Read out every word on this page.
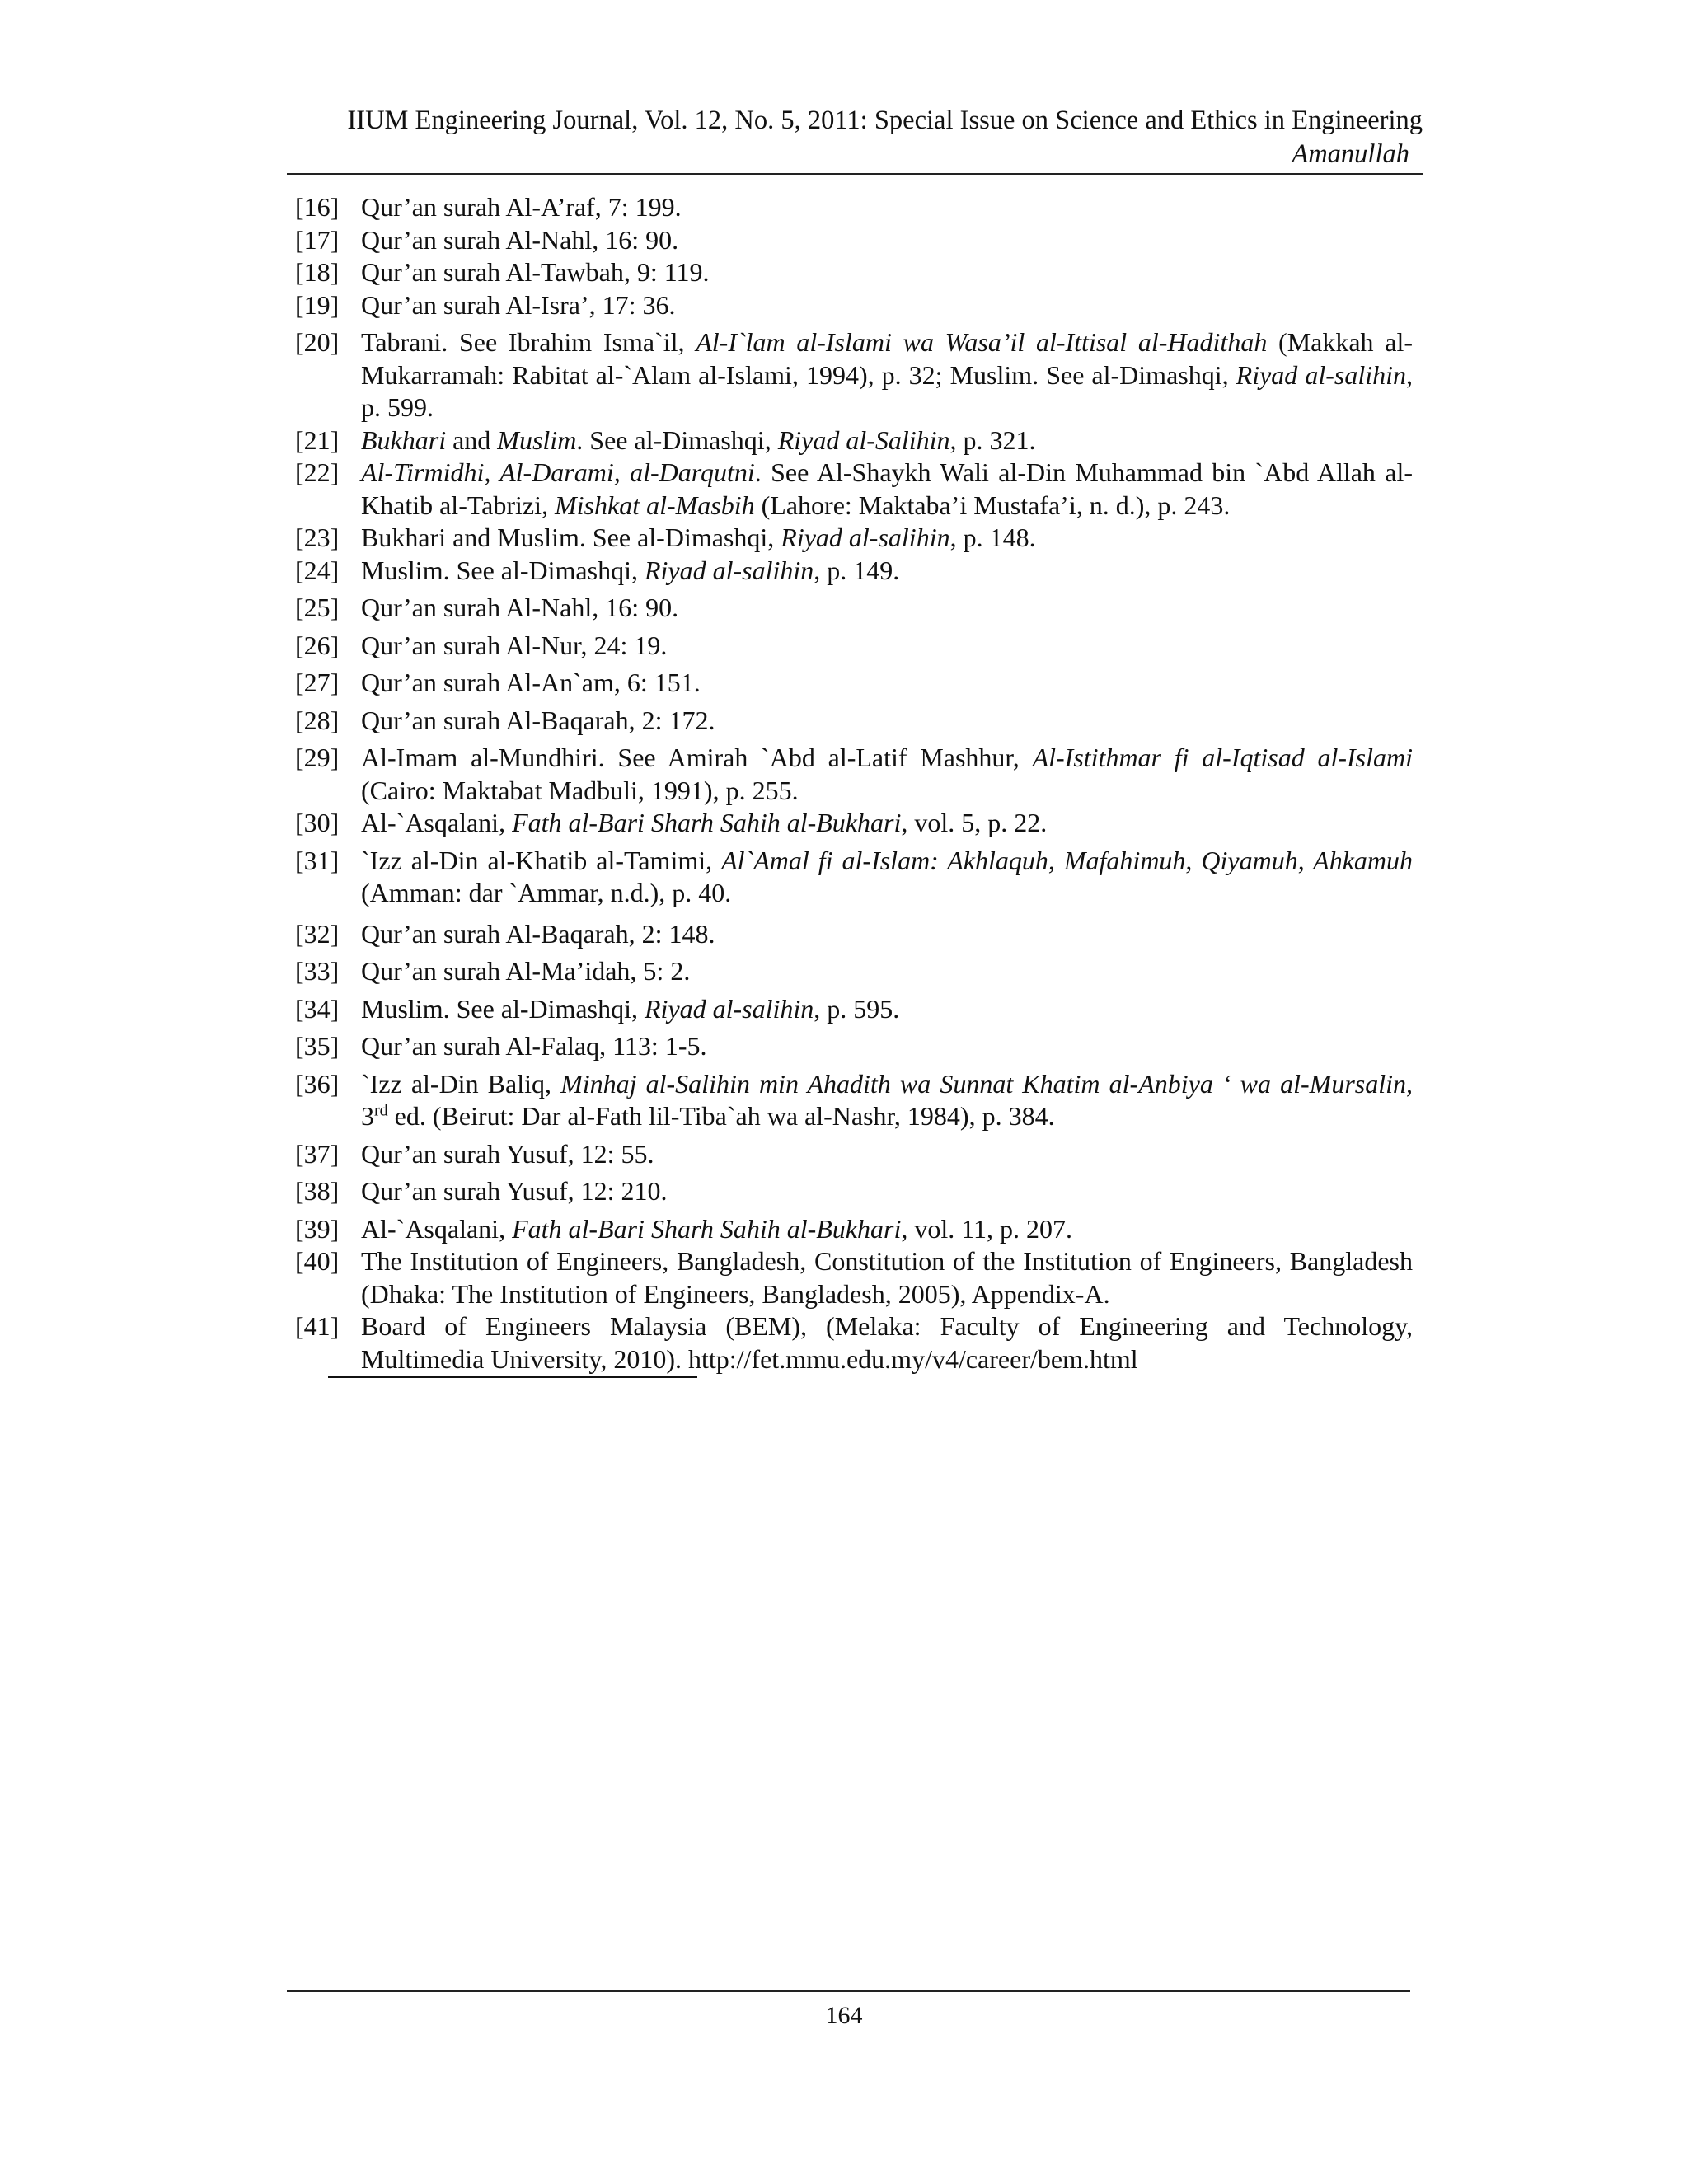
IIUM Engineering Journal, Vol. 12, No. 5, 2011: Special Issue on Science and Ethics in Engineering
Amanullah
[16] Qur’an surah Al-A’raf, 7: 199.
[17] Qur’an surah Al-Nahl, 16: 90.
[18] Qur’an surah Al-Tawbah, 9: 119.
[19] Qur’an surah Al-Isra’, 17: 36.
[20] Tabrani. See Ibrahim Isma`il, Al-I`lam al-Islami wa Wasa’il al-Ittisal al-Hadithah (Makkah al-Mukarramah: Rabitat al-`Alam al-Islami, 1994), p. 32; Muslim. See al-Dimashqi, Riyad al-salihin, p. 599.
[21] Bukhari and Muslim. See al-Dimashqi, Riyad al-Salihin, p. 321.
[22] Al-Tirmidhi, Al-Darami, al-Darqutni. See Al-Shaykh Wali al-Din Muhammad bin `Abd Allah al-Khatib al-Tabrizi, Mishkat al-Masbih (Lahore: Maktaba’i Mustafa’i, n. d.), p. 243.
[23] Bukhari and Muslim. See al-Dimashqi, Riyad al-salihin, p. 148.
[24] Muslim. See al-Dimashqi, Riyad al-salihin, p. 149.
[25] Qur’an surah Al-Nahl, 16: 90.
[26] Qur’an surah Al-Nur, 24: 19.
[27] Qur’an surah Al-An`am, 6: 151.
[28] Qur’an surah Al-Baqarah, 2: 172.
[29] Al-Imam al-Mundhiri. See Amirah `Abd al-Latif Mashhur, Al-Istithmar fi al-Iqtisad al-Islami (Cairo: Maktabat Madbuli, 1991), p. 255.
[30] Al-`Asqalani, Fath al-Bari Sharh Sahih al-Bukhari, vol. 5, p. 22.
[31] `Izz al-Din al-Khatib al-Tamimi, Al`Amal fi al-Islam: Akhlaquh, Mafahimuh, Qiyamuh, Ahkamuh (Amman: dar `Ammar, n.d.), p. 40.
[32] Qur’an surah Al-Baqarah, 2: 148.
[33] Qur’an surah Al-Ma’idah, 5: 2.
[34] Muslim. See al-Dimashqi, Riyad al-salihin, p. 595.
[35] Qur’an surah Al-Falaq, 113: 1-5.
[36] `Izz al-Din Baliq, Minhaj al-Salihin min Ahadith wa Sunnat Khatim al-Anbiya ‘ wa al-Mursalin, 3rd ed. (Beirut: Dar al-Fath lil-Tiba`ah wa al-Nashr, 1984), p. 384.
[37] Qur’an surah Yusuf, 12: 55.
[38] Qur’an surah Yusuf, 12: 210.
[39] Al-`Asqalani, Fath al-Bari Sharh Sahih al-Bukhari, vol. 11, p. 207.
[40] The Institution of Engineers, Bangladesh, Constitution of the Institution of Engineers, Bangladesh (Dhaka: The Institution of Engineers, Bangladesh, 2005), Appendix-A.
[41] Board of Engineers Malaysia (BEM), (Melaka: Faculty of Engineering and Technology, Multimedia University, 2010). http://fet.mmu.edu.my/v4/career/bem.html
164
